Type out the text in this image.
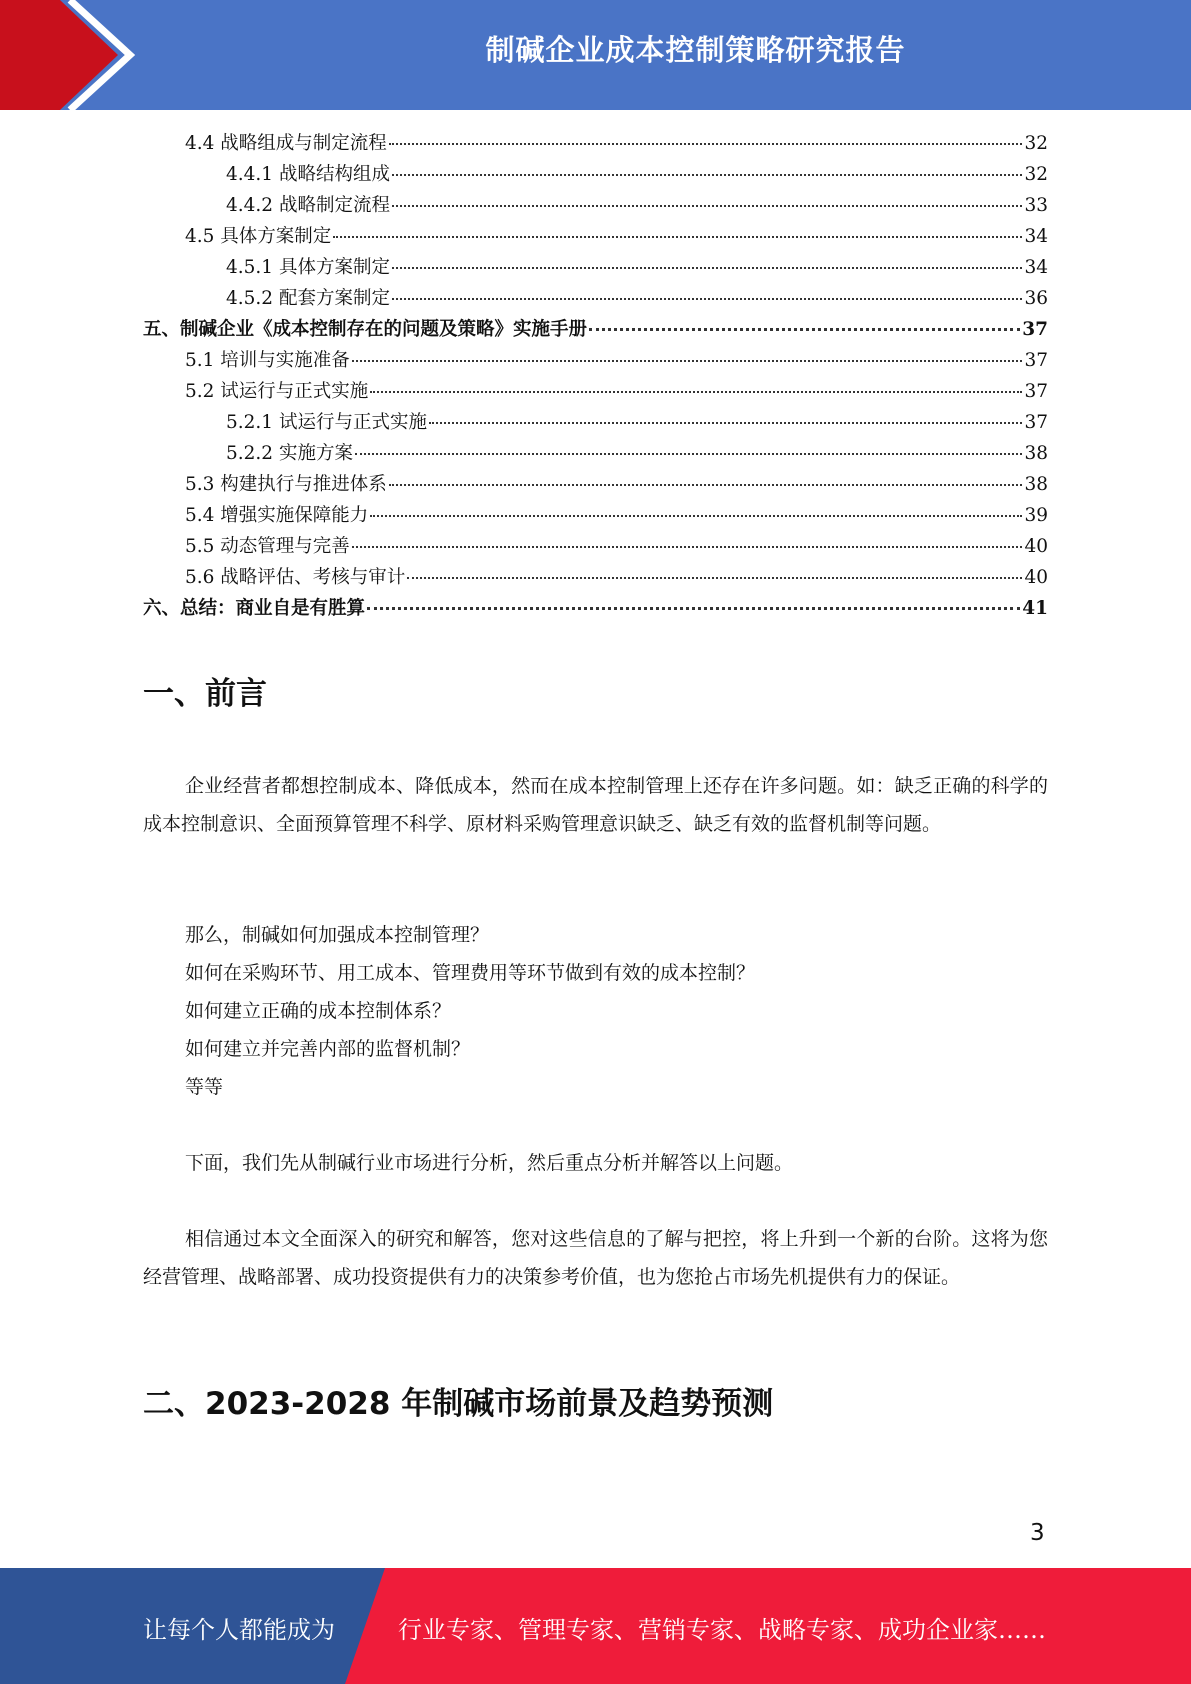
制碱企业成本控制策略研究报告
4.4 战略组成与制定流程	32
4.4.1 战略结构组成	32
4.4.2 战略制定流程	33
4.5 具体方案制定	34
4.5.1 具体方案制定	34
4.5.2 配套方案制定	36
五、制碱企业《成本控制存在的问题及策略》实施手册	37
5.1 培训与实施准备	37
5.2 试运行与正式实施	37
5.2.1 试运行与正式实施	37
5.2.2 实施方案	38
5.3 构建执行与推进体系	38
5.4 增强实施保障能力	39
5.5 动态管理与完善	40
5.6 战略评估、考核与审计	40
六、总结：商业自是有胜算	41
一、前言
企业经营者都想控制成本、降低成本，然而在成本控制管理上还存在许多问题。如：缺乏正确的科学的成本控制意识、全面预算管理不科学、原材料采购管理意识缺乏、缺乏有效的监督机制等问题。
那么，制碱如何加强成本控制管理？
如何在采购环节、用工成本、管理费用等环节做到有效的成本控制？
如何建立正确的成本控制体系？
如何建立并完善内部的监督机制？
等等
下面，我们先从制碱行业市场进行分析，然后重点分析并解答以上问题。
相信通过本文全面深入的研究和解答，您对这些信息的了解与把控，将上升到一个新的台阶。这将为您经营管理、战略部署、成功投资提供有力的决策参考价值，也为您抢占市场先机提供有力的保证。
二、2023-2028 年制碱市场前景及趋势预测
3
让每个人都能成为	行业专家、管理专家、营销专家、战略专家、成功企业家……
